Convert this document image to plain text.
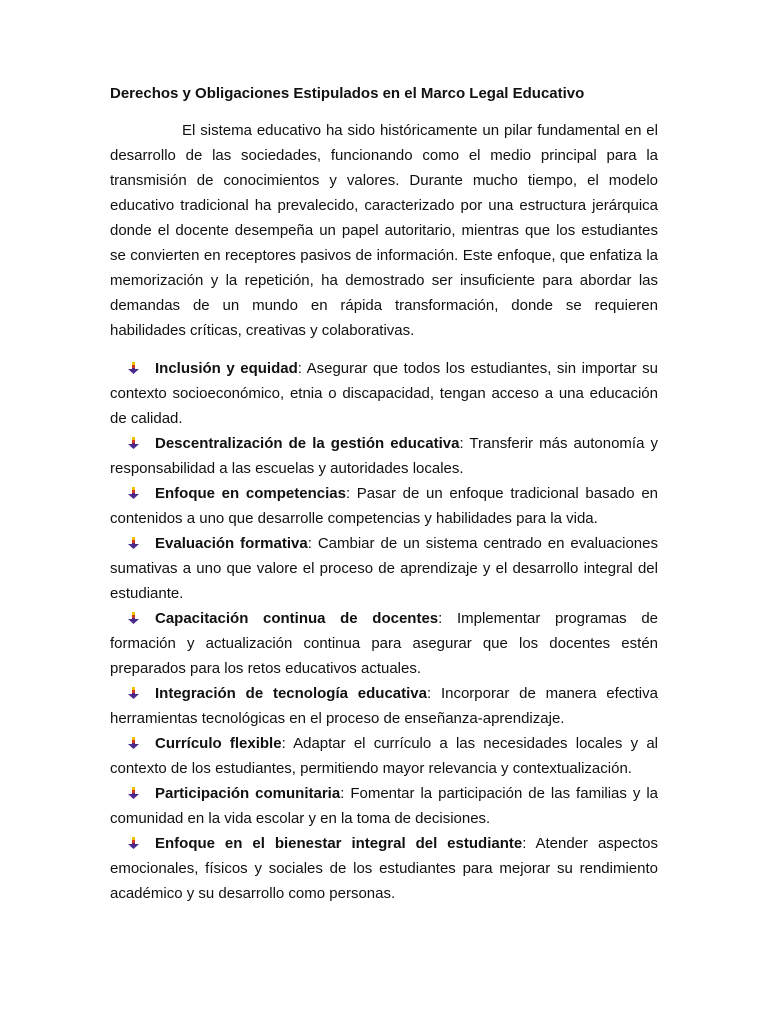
Derechos y Obligaciones Estipulados en el Marco Legal Educativo

El sistema educativo ha sido históricamente un pilar fundamental en el desarrollo de las sociedades, funcionando como el medio principal para la transmisión de conocimientos y valores. Durante mucho tiempo, el modelo educativo tradicional ha prevalecido, caracterizado por una estructura jerárquica donde el docente desempeña un papel autoritario, mientras que los estudiantes se convierten en receptores pasivos de información. Este enfoque, que enfatiza la memorización y la repetición, ha demostrado ser insuficiente para abordar las demandas de un mundo en rápida transformación, donde se requieren habilidades críticas, creativas y colaborativas.

Inclusión y equidad: Asegurar que todos los estudiantes, sin importar su contexto socioeconómico, etnia o discapacidad, tengan acceso a una educación de calidad.
Descentralización de la gestión educativa: Transferir más autonomía y responsabilidad a las escuelas y autoridades locales.
Enfoque en competencias: Pasar de un enfoque tradicional basado en contenidos a uno que desarrolle competencias y habilidades para la vida.
Evaluación formativa: Cambiar de un sistema centrado en evaluaciones sumativas a uno que valore el proceso de aprendizaje y el desarrollo integral del estudiante.
Capacitación continua de docentes: Implementar programas de formación y actualización continua para asegurar que los docentes estén preparados para los retos educativos actuales.
Integración de tecnología educativa: Incorporar de manera efectiva herramientas tecnológicas en el proceso de enseñanza-aprendizaje.
Currículo flexible: Adaptar el currículo a las necesidades locales y al contexto de los estudiantes, permitiendo mayor relevancia y contextualización.
Participación comunitaria: Fomentar la participación de las familias y la comunidad en la vida escolar y en la toma de decisiones.
Enfoque en el bienestar integral del estudiante: Atender aspectos emocionales, físicos y sociales de los estudiantes para mejorar su rendimiento académico y su desarrollo como personas.
